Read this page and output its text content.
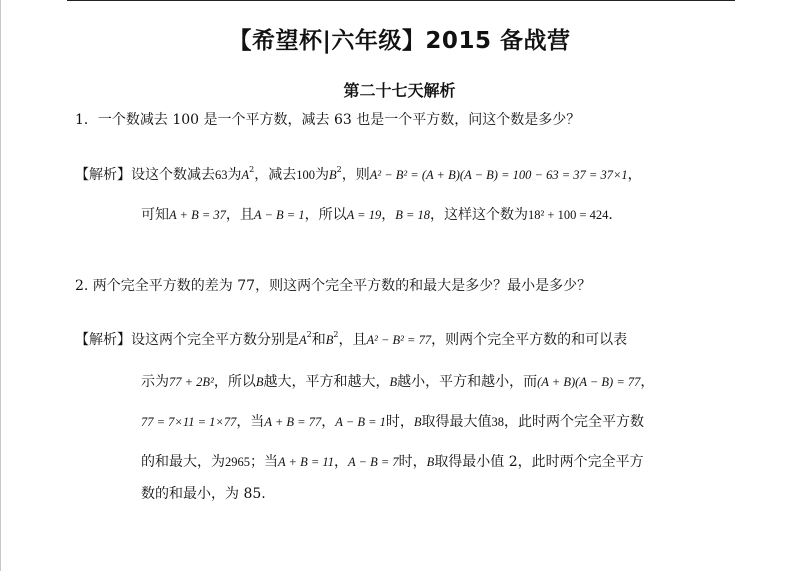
【希望杯|六年级】2015 备战营
第二十七天解析
1．一个数减去 100 是一个平方数，减去 63 也是一个平方数，问这个数是多少？
【解析】设这个数减去63为$A^2$，减去100为$B^2$，则A² − B² = (A + B)(A − B) = 100 − 63 = 37 = 37×1，
可知A + B = 37，且A − B = 1，所以A = 19，B = 18，这样这个数为18² + 100 = 424.
2. 两个完全平方数的差为 77，则这两个完全平方数的和最大是多少？最小是多少？
【解析】设这两个完全平方数分别是$A^2$和$B^2$，且A² − B² = 77，则两个完全平方数的和可以表
示为77 + 2B²，所以B越大，平方和越大，B越小，平方和越小，而(A + B)(A − B) = 77，
77 = 7×11 = 1×77，当A + B = 77，A − B = 1时，B取得最大值38，此时两个完全平方数
的和最大，为2965；当A + B = 11，A − B = 7时，B取得最小值 2，此时两个完全平方
数的和最小，为 85.
